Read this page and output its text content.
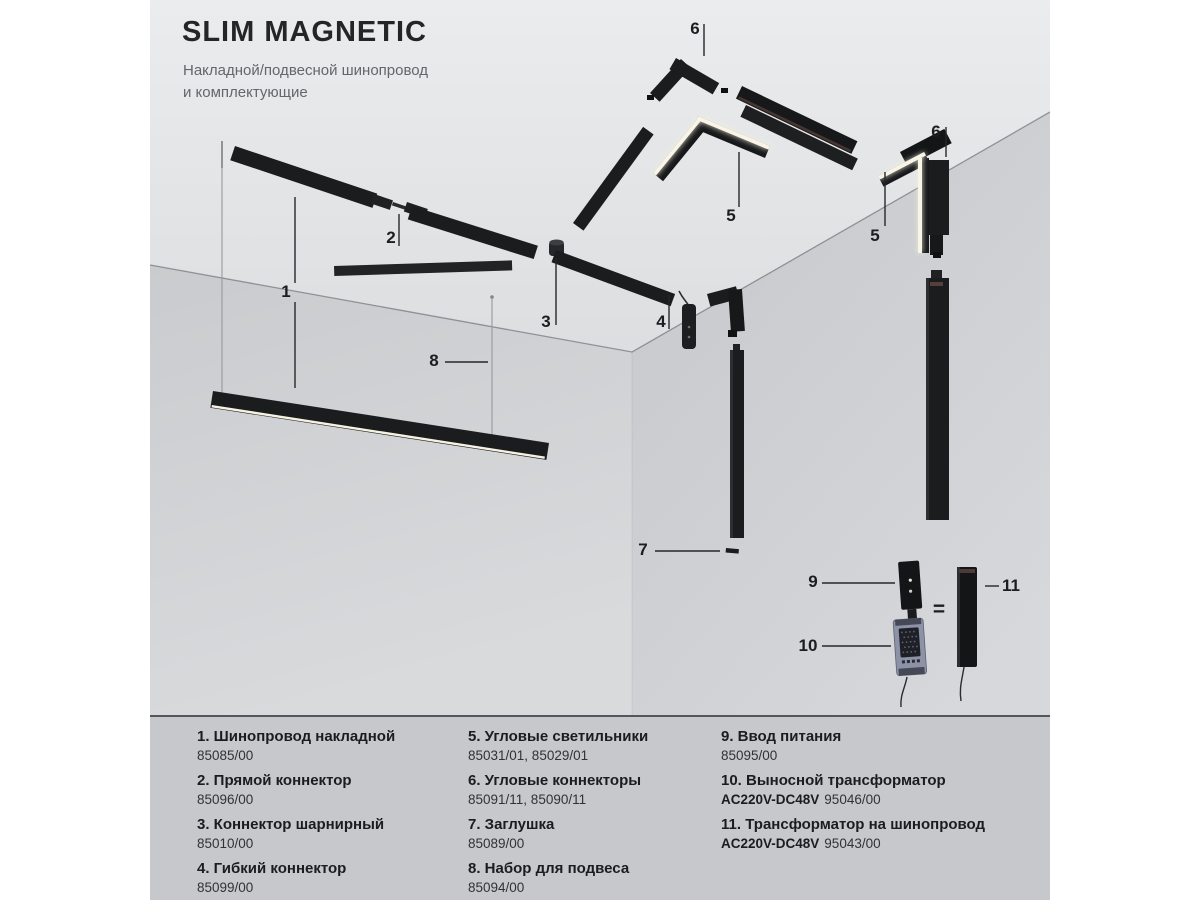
SLIM MAGNETIC
Накладной/подвесной шинопровод
и комплектующие
1
2
3	4
5
6
5
6
7
8
9
10
11
=
1. Шинопровод накладной
85085/00
2. Прямой коннектор
85096/00
3. Коннектор шарнирный
85010/00
4. Гибкий коннектор
85099/00
5. Угловые светильники
85031/01, 85029/01
6. Угловые коннекторы
85091/11, 85090/11
7. Заглушка
85089/00
8. Набор для подвеса
85094/00
9. Ввод питания
85095/00
10. Выносной трансформатор
AC220V-DC48V 95046/00
11. Трансформатор на шинопровод
AC220V-DC48V 95043/00
